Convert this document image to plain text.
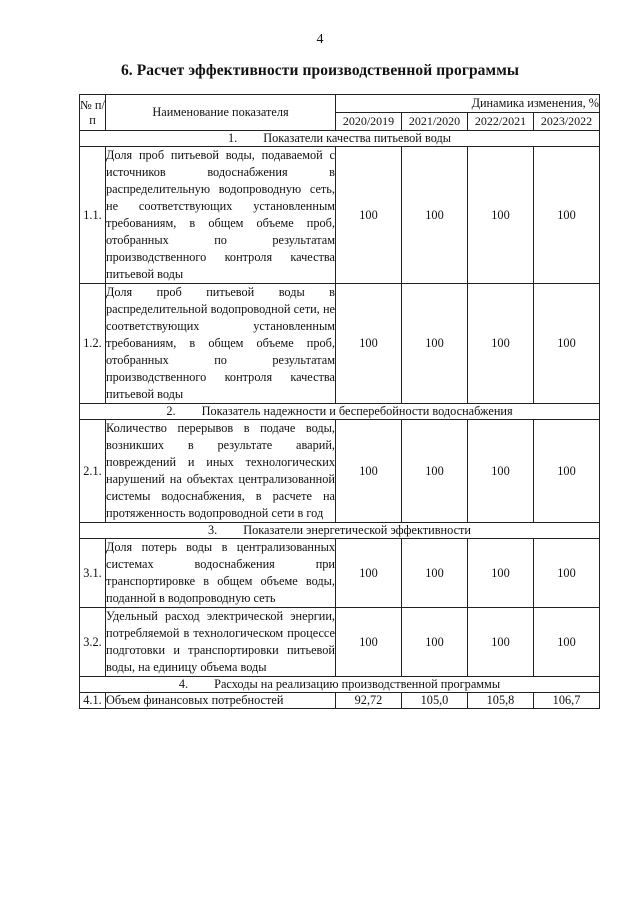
4
6. Расчет эффективности производственной программы
№ п/п	Наименование показателя	Динамика изменения, %			
		2020/2019	2021/2020	2022/2021	2023/2022
1. Показатели качества питьевой воды					
1.1.	Доля проб питьевой воды, подаваемой с источников водоснабжения в распределительную водопроводную сеть, не соответствующих установленным требованиям, в общем объеме проб, отобранных по результатам производственного контроля качества питьевой воды	100	100	100	100
1.2.	Доля проб питьевой воды в распределительной водопроводной сети, не соответствующих установленным требованиям, в общем объеме проб, отобранных по результатам производственного контроля качества питьевой воды	100	100	100	100
2. Показатель надежности и бесперебойности водоснабжения					
2.1.	Количество перерывов в подаче воды, возникших в результате аварий, повреждений и иных технологических нарушений на объектах централизованной системы водоснабжения, в расчете на протяженность водопроводной сети в год	100	100	100	100
3. Показатели энергетической эффективности					
3.1.	Доля потерь воды в централизованных системах водоснабжения при транспортировке в общем объеме воды, поданной в водопроводную сеть	100	100	100	100
3.2.	Удельный расход электрической энергии, потребляемой в технологическом процессе подготовки и транспортировки питьевой воды, на единицу объема воды	100	100	100	100
4. Расходы на реализацию производственной программы					
4.1.	Объем финансовых потребностей	92,72	105,0	105,8	106,7
